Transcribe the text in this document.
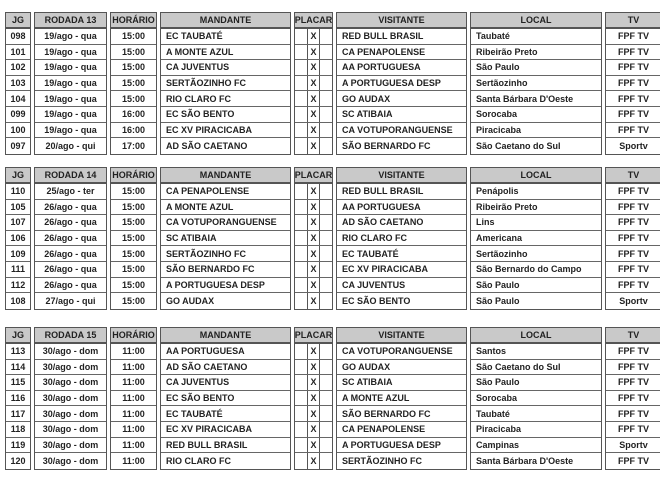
JG
098
101
102
103
104
099
100
097
RODADA 13
19/ago - qua
19/ago - qua
19/ago - qua
19/ago - qua
19/ago - qua
19/ago - qua
19/ago - qua
20/ago - qui
HORÁRIO
15:00
15:00
15:00
15:00
15:00
16:00
16:00
17:00
MANDANTE
EC TAUBATÉ
A MONTE AZUL
CA JUVENTUS
SERTÃOZINHO FC
RIO CLARO FC
EC SÃO BENTO
EC XV PIRACICABA
AD SÃO CAETANO
PLACAR
X
X
X
X
X
X
X
X
VISITANTE
RED BULL BRASIL
CA PENAPOLENSE
AA PORTUGUESA
A PORTUGUESA DESP
GO AUDAX
SC ATIBAIA
CA VOTUPORANGUENSE
SÃO BERNARDO FC
LOCAL
Taubaté
Ribeirão Preto
São Paulo
Sertãozinho
Santa Bárbara D'Oeste
Sorocaba
Piracicaba
São Caetano do Sul
TV
FPF TV
FPF TV
FPF TV
FPF TV
FPF TV
FPF TV
FPF TV
Sportv
JG
110
105
107
106
109
111
112
108
RODADA 14
25/ago - ter
26/ago - qua
26/ago - qua
26/ago - qua
26/ago - qua
26/ago - qua
26/ago - qua
27/ago - qui
HORÁRIO
15:00
15:00
15:00
15:00
15:00
15:00
15:00
15:00
MANDANTE
CA PENAPOLENSE
A MONTE AZUL
CA VOTUPORANGUENSE
SC ATIBAIA
SERTÃOZINHO FC
SÃO BERNARDO FC
A PORTUGUESA DESP
GO AUDAX
PLACAR
X
X
X
X
X
X
X
X
VISITANTE
RED BULL BRASIL
AA PORTUGUESA
AD SÃO CAETANO
RIO CLARO FC
EC TAUBATÉ
EC XV PIRACICABA
CA JUVENTUS
EC SÃO BENTO
LOCAL
Penápolis
Ribeirão Preto
Lins
Americana
Sertãozinho
São Bernardo do Campo
São Paulo
São Paulo
TV
FPF TV
FPF TV
FPF TV
FPF TV
FPF TV
FPF TV
FPF TV
Sportv
JG
113
114
115
116
117
118
119
120
RODADA 15
30/ago - dom
30/ago - dom
30/ago - dom
30/ago - dom
30/ago - dom
30/ago - dom
30/ago - dom
30/ago - dom
HORÁRIO
11:00
11:00
11:00
11:00
11:00
11:00
11:00
11:00
MANDANTE
AA PORTUGUESA
AD SÃO CAETANO
CA JUVENTUS
EC SÃO BENTO
EC TAUBATÉ
EC XV PIRACICABA
RED BULL BRASIL
RIO CLARO FC
PLACAR
X
X
X
X
X
X
X
X
VISITANTE
CA VOTUPORANGUENSE
GO AUDAX
SC ATIBAIA
A MONTE AZUL
SÃO BERNARDO FC
CA PENAPOLENSE
A PORTUGUESA DESP
SERTÃOZINHO FC
LOCAL
Santos
São Caetano do Sul
São Paulo
Sorocaba
Taubaté
Piracicaba
Campinas
Santa Bárbara D'Oeste
TV
FPF TV
FPF TV
FPF TV
FPF TV
FPF TV
FPF TV
Sportv
FPF TV
